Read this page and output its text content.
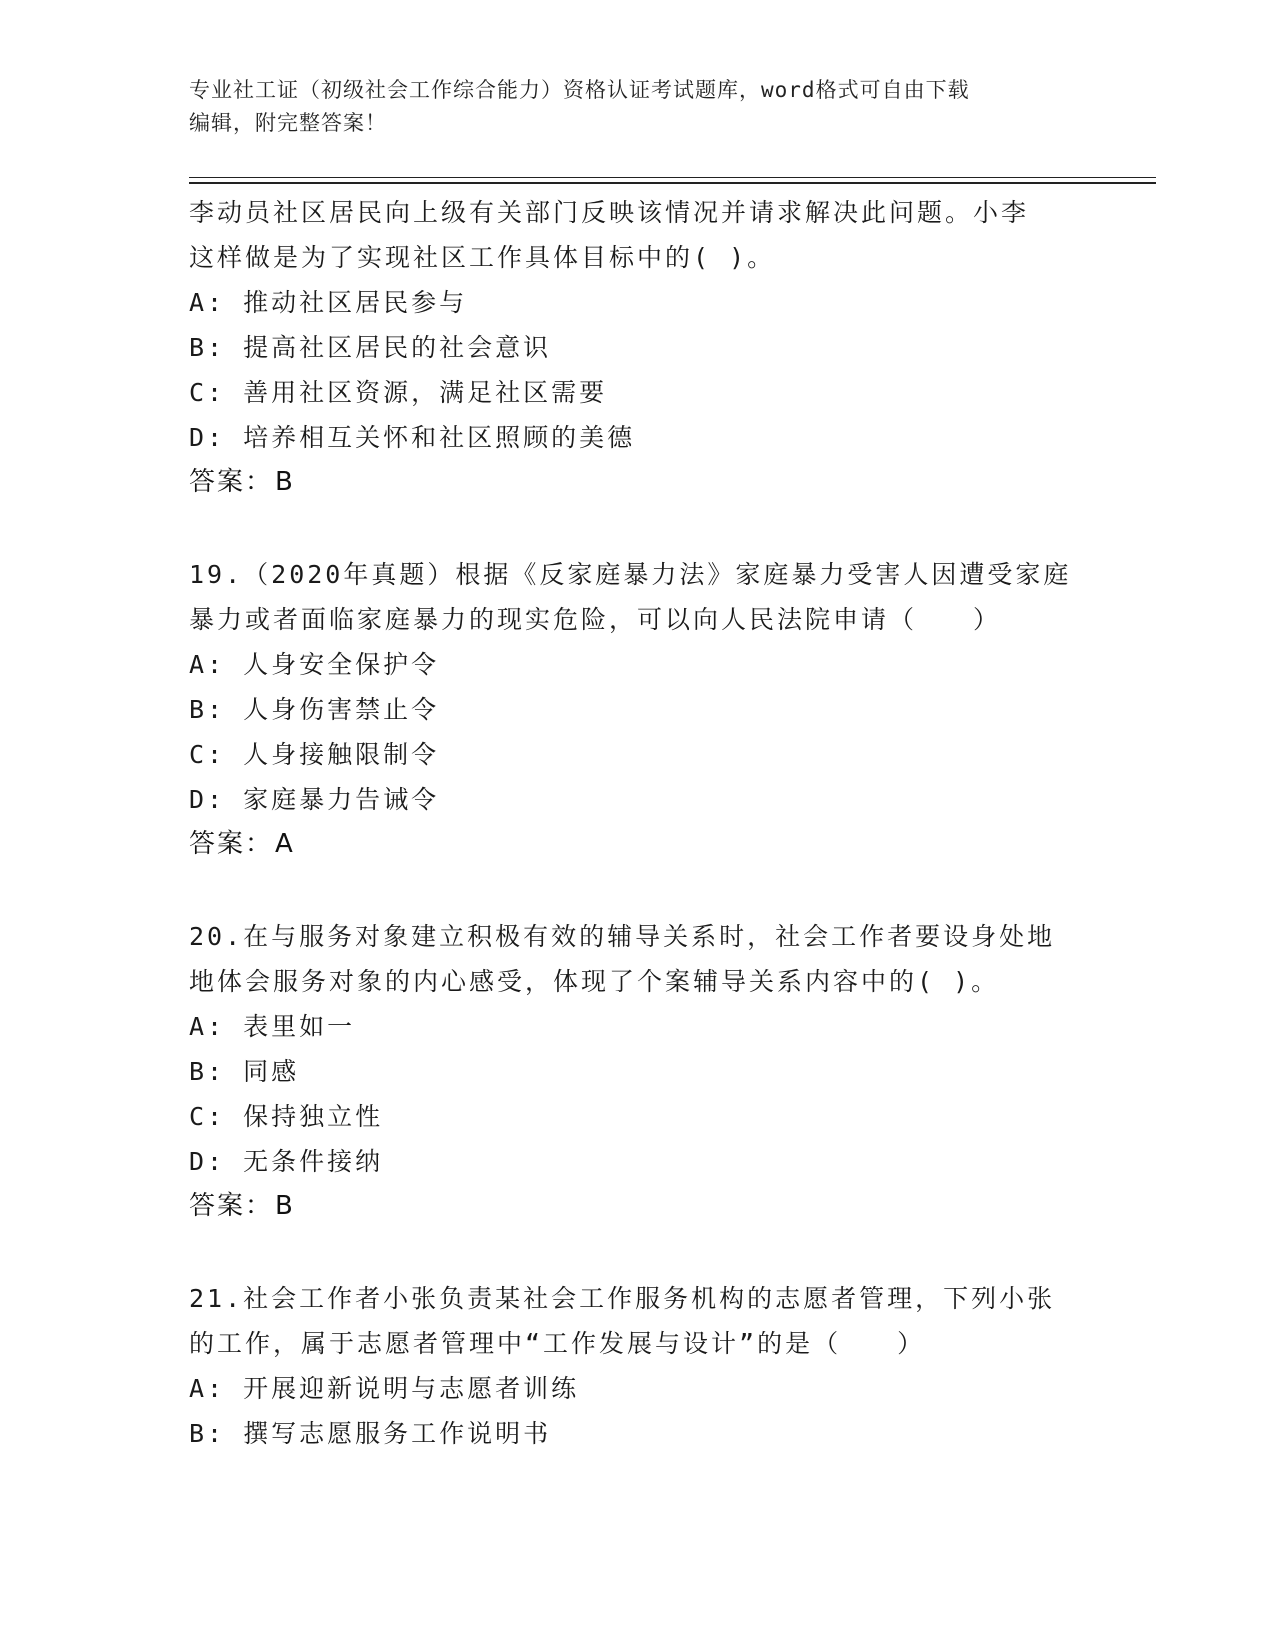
专业社工证（初级社会工作综合能力）资格认证考试题库，word格式可自由下载
编辑，附完整答案！
李动员社区居民向上级有关部门反映该情况并请求解决此问题。小李
这样做是为了实现社区工作具体目标中的( )。
A: 推动社区居民参与
B: 提高社区居民的社会意识
C: 善用社区资源，满足社区需要
D: 培养相互关怀和社区照顾的美德
答案：B
19.（2020年真题）根据《反家庭暴力法》家庭暴力受害人因遭受家庭
暴力或者面临家庭暴力的现实危险，可以向人民法院申请（　　）
A: 人身安全保护令
B: 人身伤害禁止令
C: 人身接触限制令
D: 家庭暴力告诫令
答案：A
20.在与服务对象建立积极有效的辅导关系时，社会工作者要设身处地
地体会服务对象的内心感受，体现了个案辅导关系内容中的( )。
A: 表里如一
B: 同感
C: 保持独立性
D: 无条件接纳
答案：B
21.社会工作者小张负责某社会工作服务机构的志愿者管理，下列小张
的工作，属于志愿者管理中“工作发展与设计”的是（　　）
A: 开展迎新说明与志愿者训练
B: 撰写志愿服务工作说明书
